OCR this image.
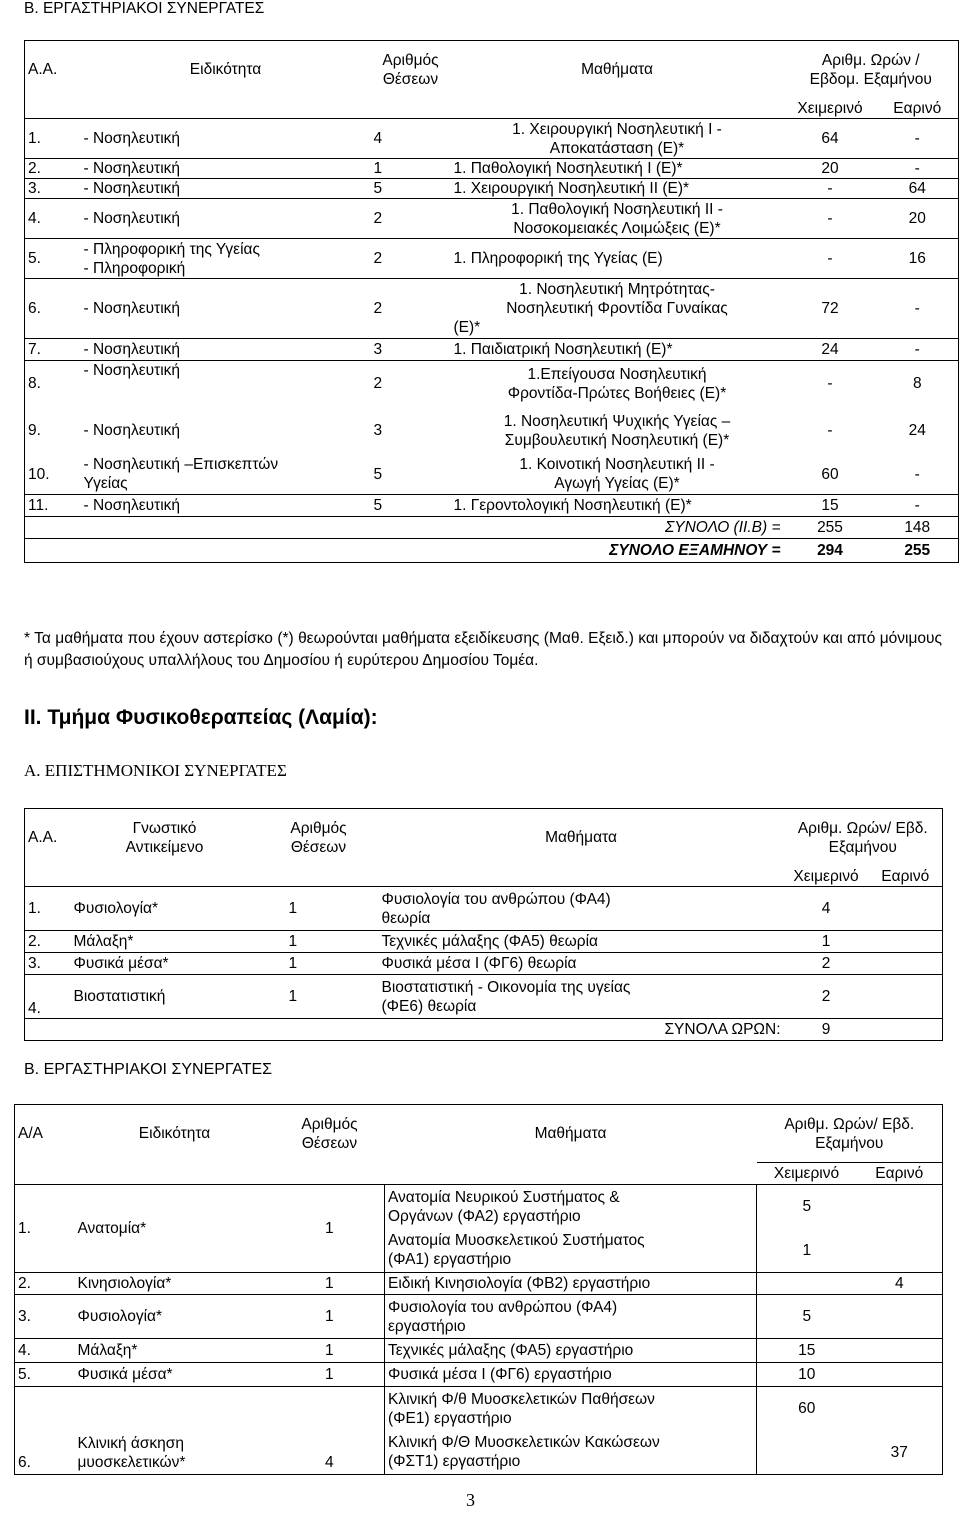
Β. ΕΡΓΑΣΤΗΡΙΑΚΟΙ ΣΥΝΕΡΓΑΤΕΣ
Α.Α.	Ειδικότητα	Αριθμός
Θέσεων	Μαθήματα	Αριθμ. Ωρών /
Εβδομ. Εξαμήνου	
				Χειμερινό	Εαρινό
1.	- Νοσηλευτική	4	1. Χειρουργική Νοσηλευτική Ι -
Αποκατάσταση (Ε)*	64	-
2.	- Νοσηλευτική	1	1. Παθολογική Νοσηλευτική Ι (Ε)*	20	-
3.	- Νοσηλευτική	5	1. Χειρουργική Νοσηλευτική ΙΙ (Ε)*	-	64
4.	- Νοσηλευτική	2	1. Παθολογική Νοσηλευτική ΙΙ -
Νοσοκομειακές Λοιμώξεις (Ε)*	-	20
5.	- Πληροφορική της Υγείας
- Πληροφορική	2	1. Πληροφορική της Υγείας (Ε)	-	16
6.	- Νοσηλευτική	2	1. Νοσηλευτική Μητρότητας-
Νοσηλευτική Φροντίδα Γυναίκας
(Ε)*	72	-
7.	- Νοσηλευτική	3	1. Παιδιατρική Νοσηλευτική (Ε)*	24	-
8.	- Νοσηλευτική	2	1.Επείγουσα Νοσηλευτική
Φροντίδα-Πρώτες Βοήθειες (Ε)*	-	8
9.	- Νοσηλευτική	3	1. Νοσηλευτική Ψυχικής Υγείας –
Συμβουλευτική Νοσηλευτική (Ε)*	-	24
10.	- Νοσηλευτική –Επισκεπτών
Υγείας	5	1. Κοινοτική Νοσηλευτική ΙΙ -
Αγωγή Υγείας (Ε)*	60	-
11.	- Νοσηλευτική	5	1. Γεροντολογική Νοσηλευτική (Ε)*	15	-
			ΣΥΝΟΛΟ (ΙΙ.Β) =	255	148
			ΣΥΝΟΛΟ ΕΞΑΜΗΝΟΥ =	294	255
* Τα μαθήματα που έχουν αστερίσκο (*) θεωρούνται μαθήματα εξειδίκευσης (Μαθ. Εξειδ.) και μπορούν να διδαχτούν και από μόνιμους ή συμβασιούχους υπαλλήλους του Δημοσίου ή ευρύτερου Δημοσίου Τομέα.
ΙΙ. Τμήμα Φυσικοθεραπείας (Λαμία):
Α. ΕΠΙΣΤΗΜΟΝΙΚΟΙ ΣΥΝΕΡΓΑΤΕΣ
Α.Α.	Γνωστικό
Αντικείμενο	Αριθμός
Θέσεων	Μαθήματα	Αριθμ. Ωρών/ Εβδ.
Εξαμήνου	
				Χειμερινό	Εαρινό
1.	Φυσιολογία*	1	Φυσιολογία του ανθρώπου (ΦΑ4)
θεωρία	4	
2.	Μάλαξη*	1	Τεχνικές μάλαξης (ΦΑ5) θεωρία	1	
3.	Φυσικά μέσα*	1	Φυσικά μέσα Ι (ΦΓ6) θεωρία	2	
4.	Βιοστατιστική	1	Βιοστατιστική - Οικονομία της υγείας
(ΦΕ6) θεωρία	2	
			ΣΥΝΟΛΑ ΩΡΩΝ:	9	
Β. ΕΡΓΑΣΤΗΡΙΑΚΟΙ ΣΥΝΕΡΓΑΤΕΣ
Α/Α	Ειδικότητα	Αριθμός
Θέσεων	Μαθήματα	Αριθμ. Ωρών/ Εβδ.
Εξαμήνου	
				Χειμερινό	Εαρινό
1.	Ανατομία*	1	Ανατομία Νευρικού Συστήματος &
Οργάνων (ΦΑ2) εργαστήριο	5	
			Ανατομία Μυοσκελετικού Συστήματος
(ΦΑ1) εργαστήριο	1	
2.	Κινησιολογία*	1	Ειδική Κινησιολογία (ΦΒ2) εργαστήριο		4
3.	Φυσιολογία*	1	Φυσιολογία του ανθρώπου (ΦΑ4)
εργαστήριο	5	
4.	Μάλαξη*	1	Τεχνικές μάλαξης (ΦΑ5) εργαστήριο	15	
5.	Φυσικά μέσα*	1	Φυσικά μέσα Ι (ΦΓ6) εργαστήριο	10	
6.	Κλινική άσκηση
μυοσκελετικών*	4	Κλινική Φ/θ Μυοσκελετικών Παθήσεων
(ΦΕ1) εργαστήριο	60	
			Κλινική Φ/Θ Μυοσκελετικών Κακώσεων
(ΦΣΤ1) εργαστήριο		37
3
